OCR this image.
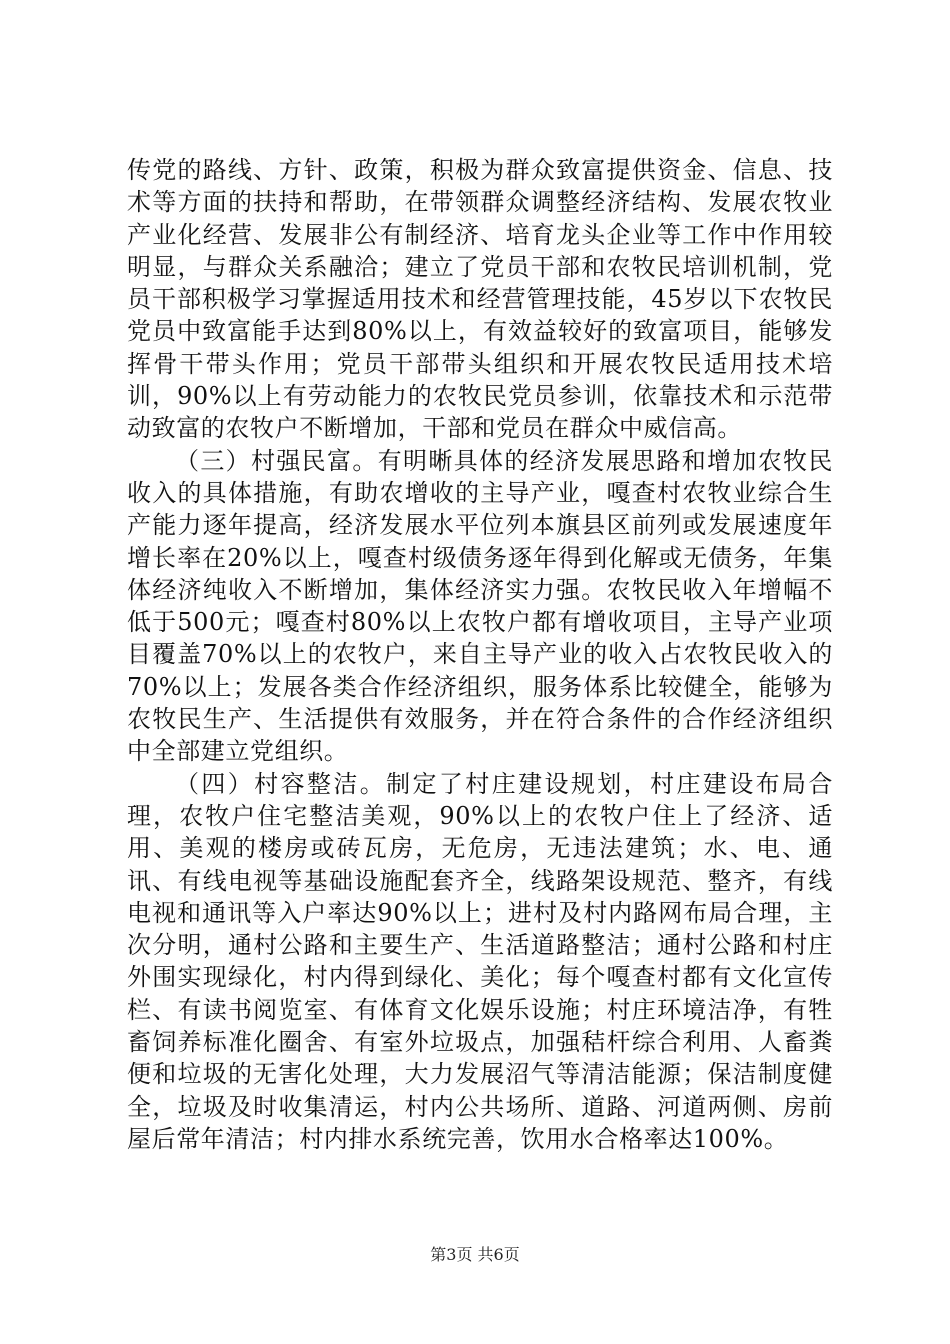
传党的路线、方针、政策，积极为群众致富提供资金、信息、技术等方面的扶持和帮助，在带领群众调整经济结构、发展农牧业产业化经营、发展非公有制经济、培育龙头企业等工作中作用较明显，与群众关系融洽；建立了党员干部和农牧民培训机制，党员干部积极学习掌握适用技术和经营管理技能，45岁以下农牧民党员中致富能手达到80%以上，有效益较好的致富项目，能够发挥骨干带头作用；党员干部带头组织和开展农牧民适用技术培训，90%以上有劳动能力的农牧民党员参训，依靠技术和示范带动致富的农牧户不断增加，干部和党员在群众中威信高。

（三）村强民富。有明晰具体的经济发展思路和增加农牧民收入的具体措施，有助农增收的主导产业，嘎查村农牧业综合生产能力逐年提高，经济发展水平位列本旗县区前列或发展速度年增长率在20%以上，嘎查村级债务逐年得到化解或无债务，年集体经济纯收入不断增加，集体经济实力强。农牧民收入年增幅不低于500元；嘎查村80%以上农牧户都有增收项目，主导产业项目覆盖70%以上的农牧户，来自主导产业的收入占农牧民收入的70%以上；发展各类合作经济组织，服务体系比较健全，能够为农牧民生产、生活提供有效服务，并在符合条件的合作经济组织中全部建立党组织。

（四）村容整洁。制定了村庄建设规划，村庄建设布局合理，农牧户住宅整洁美观，90%以上的农牧户住上了经济、适用、美观的楼房或砖瓦房，无危房，无违法建筑；水、电、通讯、有线电视等基础设施配套齐全，线路架设规范、整齐，有线电视和通讯等入户率达90%以上；进村及村内路网布局合理，主次分明，通村公路和主要生产、生活道路整洁；通村公路和村庄外围实现绿化，村内得到绿化、美化；每个嘎查村都有文化宣传栏、有读书阅览室、有体育文化娱乐设施；村庄环境洁净，有牲畜饲养标准化圈舍、有室外垃圾点，加强秸杆综合利用、人畜粪便和垃圾的无害化处理，大力发展沼气等清洁能源；保洁制度健全，垃圾及时收集清运，村内公共场所、道路、河道两侧、房前屋后常年清洁；村内排水系统完善，饮用水合格率达100%。

第3页 共6页
